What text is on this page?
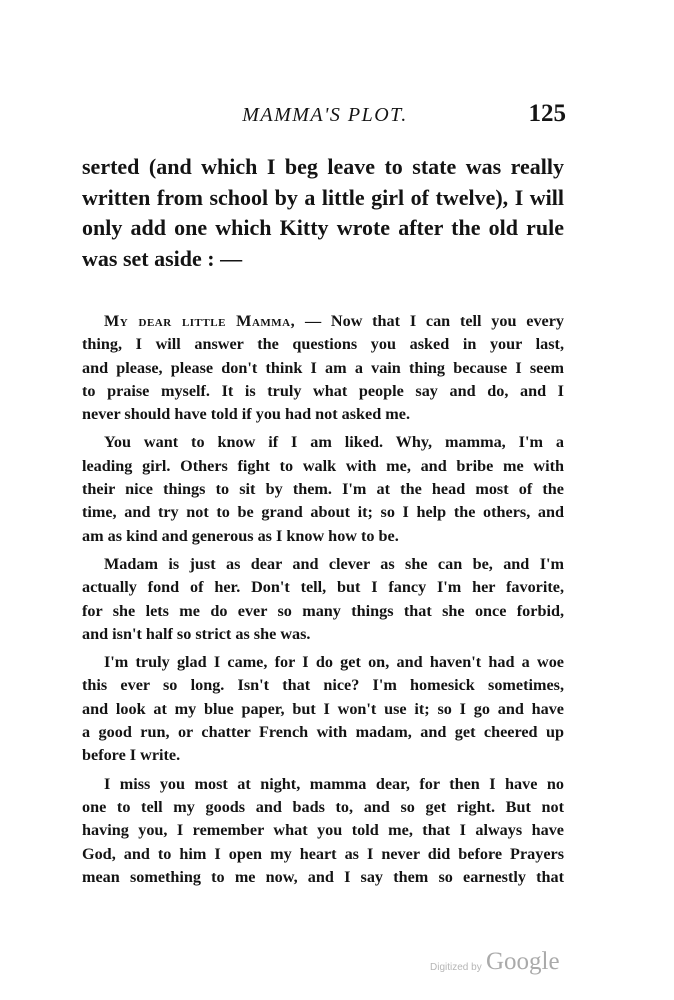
MAMMA'S PLOT.	125
serted (and which I beg leave to state was really
written from school by a little girl of twelve), I will
only add one which Kitty wrote after the old rule
was set aside : —
My dear little Mamma, — Now that I can tell you every
thing, I will answer the questions you asked in your last,
and please, please don't think I am a vain thing because I seem
to praise myself. It is truly what people say and do, and I
never should have told if you had not asked me.
You want to know if I am liked. Why, mamma, I'm a
leading girl. Others fight to walk with me, and bribe me with
their nice things to sit by them. I'm at the head most of the
time, and try not to be grand about it; so I help the others, and
am as kind and generous as I know how to be.
Madam is just as dear and clever as she can be, and I'm
actually fond of her. Don't tell, but I fancy I'm her favorite,
for she lets me do ever so many things that she once forbid,
and isn't half so strict as she was.
I'm truly glad I came, for I do get on, and haven't had a woe
this ever so long. Isn't that nice? I'm homesick sometimes,
and look at my blue paper, but I won't use it; so I go and have
a good run, or chatter French with madam, and get cheered up
before I write.
I miss you most at night, mamma dear, for then I have no
one to tell my goods and bads to, and so get right. But not
having you, I remember what you told me, that I always have
God, and to him I open my heart as I never did before Prayers
mean something to me now, and I say them so earnestly that
Digitized by Google
